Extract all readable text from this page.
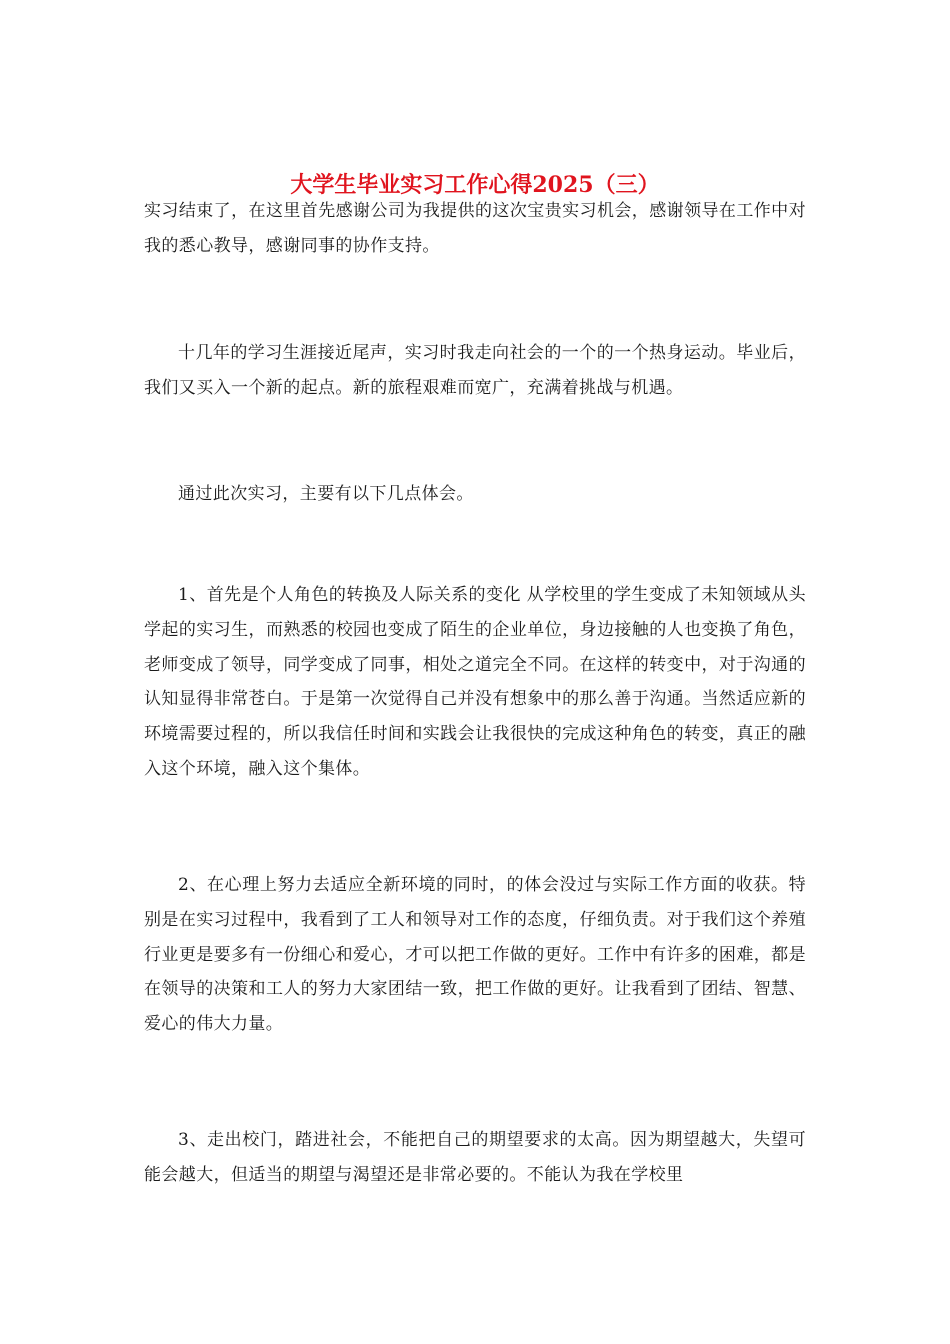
大学生毕业实习工作心得2025（三）

实习结束了，在这里首先感谢公司为我提供的这次宝贵实习机会，感谢领导在工作中对我的悉心教导，感谢同事的协作支持。

十几年的学习生涯接近尾声，实习时我走向社会的一个的一个热身运动。毕业后，我们又买入一个新的起点。新的旅程艰难而宽广，充满着挑战与机遇。

通过此次实习，主要有以下几点体会。

1、首先是个人角色的转换及人际关系的变化 从学校里的学生变成了未知领域从头学起的实习生，而熟悉的校园也变成了陌生的企业单位，身边接触的人也变换了角色，老师变成了领导，同学变成了同事，相处之道完全不同。在这样的转变中，对于沟通的认知显得非常苍白。于是第一次觉得自己并没有想象中的那么善于沟通。当然适应新的环境需要过程的，所以我信任时间和实践会让我很快的完成这种角色的转变，真正的融入这个环境，融入这个集体。

2、在心理上努力去适应全新环境的同时，的体会没过与实际工作方面的收获。特别是在实习过程中，我看到了工人和领导对工作的态度，仔细负责。对于我们这个养殖行业更是要多有一份细心和爱心，才可以把工作做的更好。工作中有许多的困难，都是在领导的决策和工人的努力大家团结一致，把工作做的更好。让我看到了团结、智慧、爱心的伟大力量。

3、走出校门，踏进社会，不能把自己的期望要求的太高。因为期望越大，失望可能会越大，但适当的期望与渴望还是非常必要的。不能认为我在学校里
